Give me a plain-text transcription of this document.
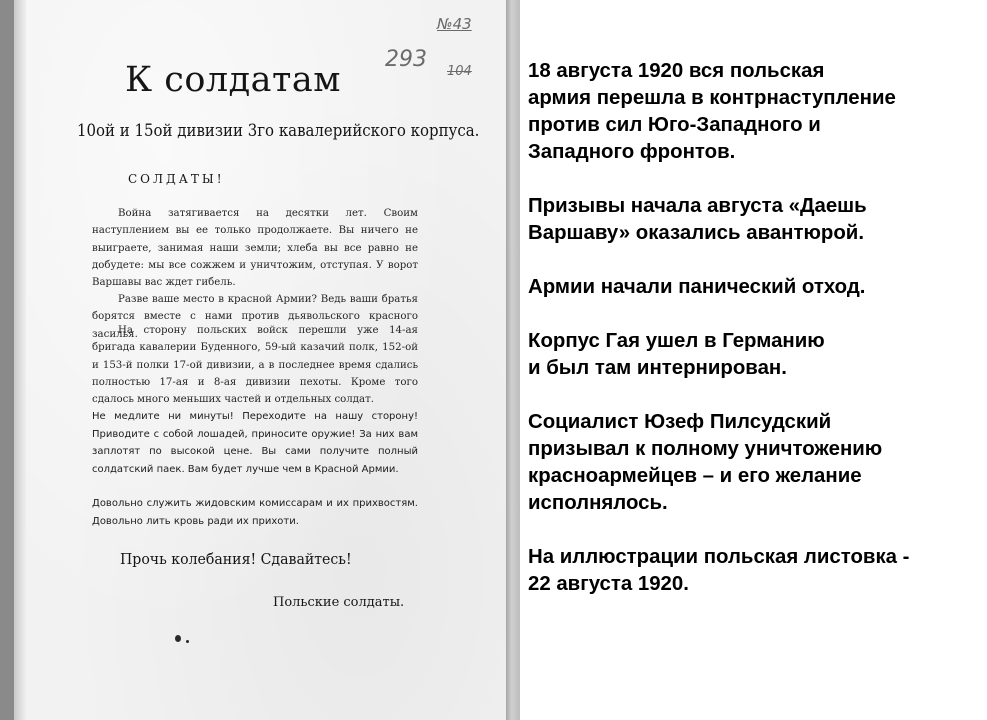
№43
293 104
К солдатам
10ой и 15ой дивизии 3го кавалерийского корпуса.
СОЛДАТЫ!
Война затягивается на десятки лет. Своим наступлением вы ее только продолжаете. Вы ничего не выиграете, занимая наши земли; хлеба вы все равно не добудете: мы все сожжем и уничтожим, отступая. У ворот Варшавы вас ждет гибель.
Разве ваше место в красной Армии? Ведь ваши братья борятся вместе с нами против дьявольского красного засилья.
На сторону польских войск перешли уже 14-ая бригада кавалерии Буденного, 59-ый казачий полк, 152-ой и 153-й полки 17-ой дивизии, а в последнее время сдались полностью 17-ая и 8-ая дивизии пехоты. Кроме того сдалось много меньших частей и отдельных солдат.
Не медлите ни минуты! Переходите на нашу сторону! Приводите с собой лошадей, приносите оружие! За них вам заплотят по высокой цене. Вы сами получите полный солдатский паек. Вам будет лучше чем в Красной Армии.
Довольно служить жидовским комиссарам и их прихвостям. Довольно лить кровь ради их прихоти.
Прочь колебания! Сдавайтесь!
Польские солдаты.

18 августа 1920 вся польская
армия перешла в контрнаступление
против сил Юго-Западного и
Западного фронтов.

Призывы начала августа «Даешь
Варшаву» оказались авантюрой.

Армии начали панический отход.

Корпус Гая ушел в Германию
и был там интернирован.

Социалист Юзеф Пилсудский
призывал к полному уничтожению
красноармейцев – и его желание
исполнялось.

На иллюстрации польская листовка -
22 августа 1920.
